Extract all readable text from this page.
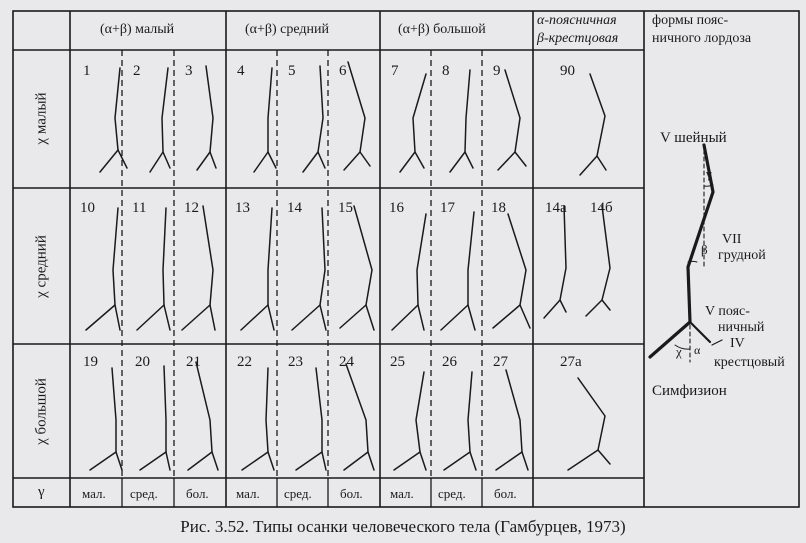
(α+β) малый	(α+β) средний	(α+β) большой
α-поясничная
β-крестцовая
формы пояс-
ничного лордоза
χ малый
χ средний
χ большой
1	2	3	4	5	6	7	8	9	90
10 11	12 13 14 15 16 17 18	14а 14б
19 20 21 22 23 24 25 26 27	27а
γ	мал. сред. бол. мал. сред. бол. мал. сред. бол.
V шейный
γ
VII
β грудной
V пояс-
ничный
IV
крестцовый
χ α
Симфизион
Рис. 3.52. Типы осанки человеческого тела (Гамбурцев, 1973)
